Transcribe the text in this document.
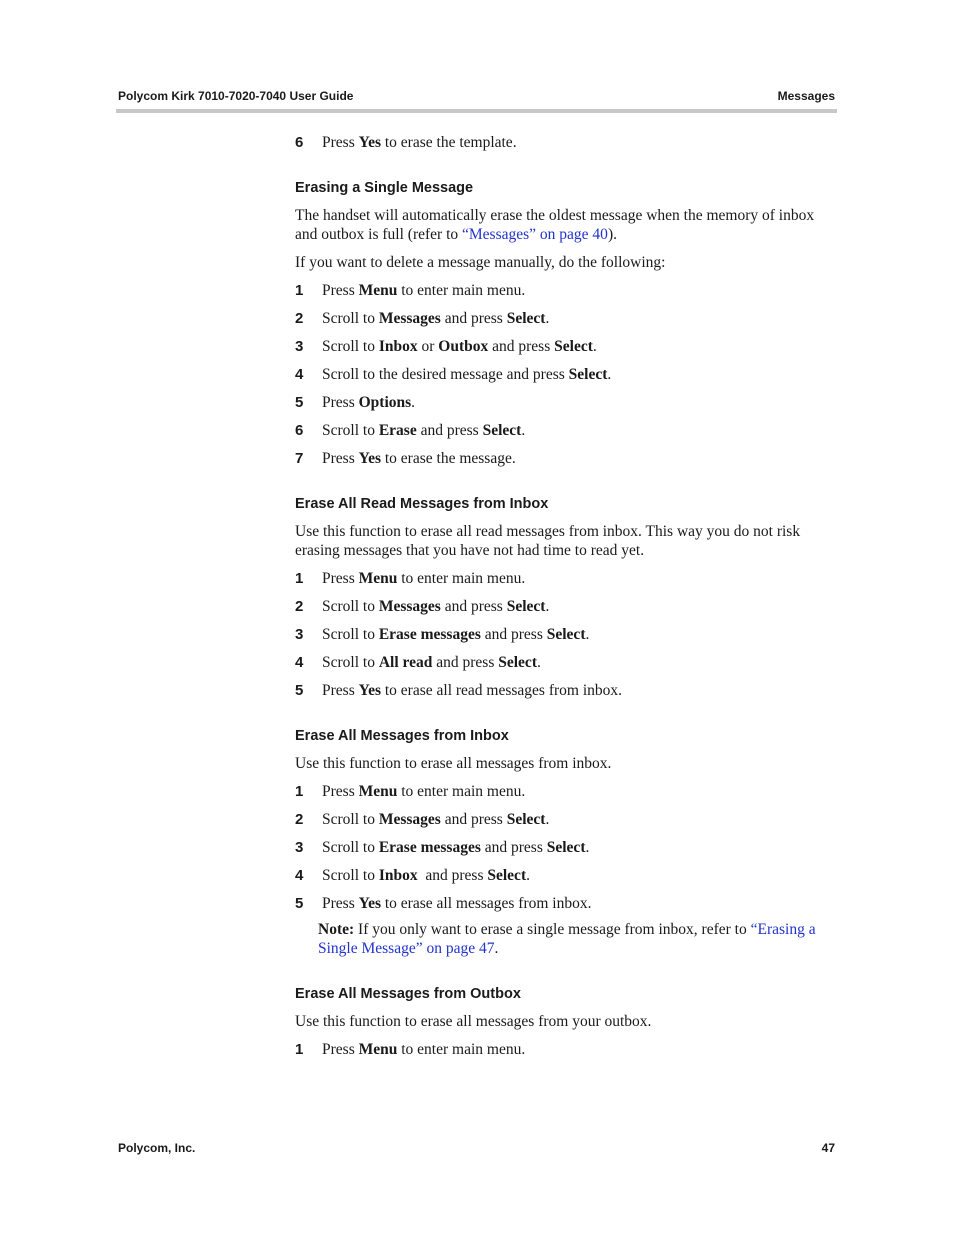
Polycom Kirk 7010-7020-7040 User Guide	Messages
6 Press Yes to erase the template.
Erasing a Single Message
The handset will automatically erase the oldest message when the memory of inbox and outbox is full (refer to “Messages” on page 40).
If you want to delete a message manually, do the following:
1 Press Menu to enter main menu.
2 Scroll to Messages and press Select.
3 Scroll to Inbox or Outbox and press Select.
4 Scroll to the desired message and press Select.
5 Press Options.
6 Scroll to Erase and press Select.
7 Press Yes to erase the message.
Erase All Read Messages from Inbox
Use this function to erase all read messages from inbox. This way you do not risk erasing messages that you have not had time to read yet.
1 Press Menu to enter main menu.
2 Scroll to Messages and press Select.
3 Scroll to Erase messages and press Select.
4 Scroll to All read and press Select.
5 Press Yes to erase all read messages from inbox.
Erase All Messages from Inbox
Use this function to erase all messages from inbox.
1 Press Menu to enter main menu.
2 Scroll to Messages and press Select.
3 Scroll to Erase messages and press Select.
4 Scroll to Inbox  and press Select.
5 Press Yes to erase all messages from inbox.
Note: If you only want to erase a single message from inbox, refer to “Erasing a Single Message” on page 47.
Erase All Messages from Outbox
Use this function to erase all messages from your outbox.
1 Press Menu to enter main menu.
Polycom, Inc.	47
